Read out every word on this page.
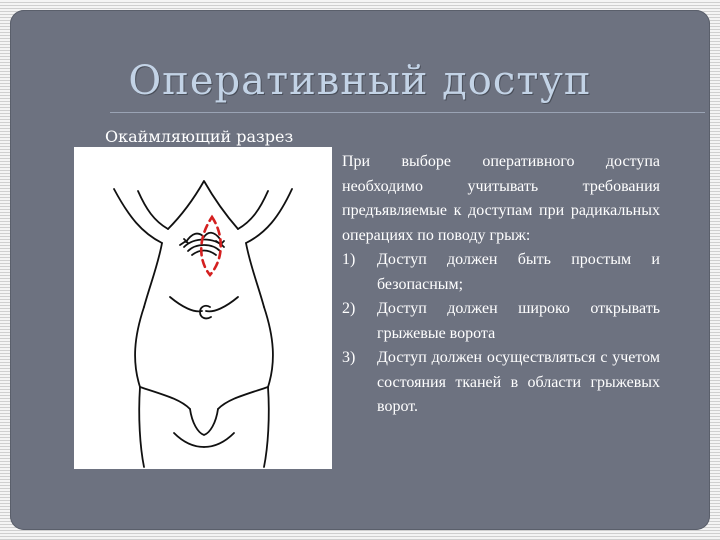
Оперативный доступ

Окаймляющий разрез

При выборе оперативного доступа необходимо учитывать требования предъявляемые к доступам при радикальных операциях по поводу грыж:

1) Доступ должен быть простым и безопасным;
2) Доступ должен широко открывать грыжевые ворота
3) Доступ должен осуществляться с учетом состояния тканей в области грыжевых ворот.
